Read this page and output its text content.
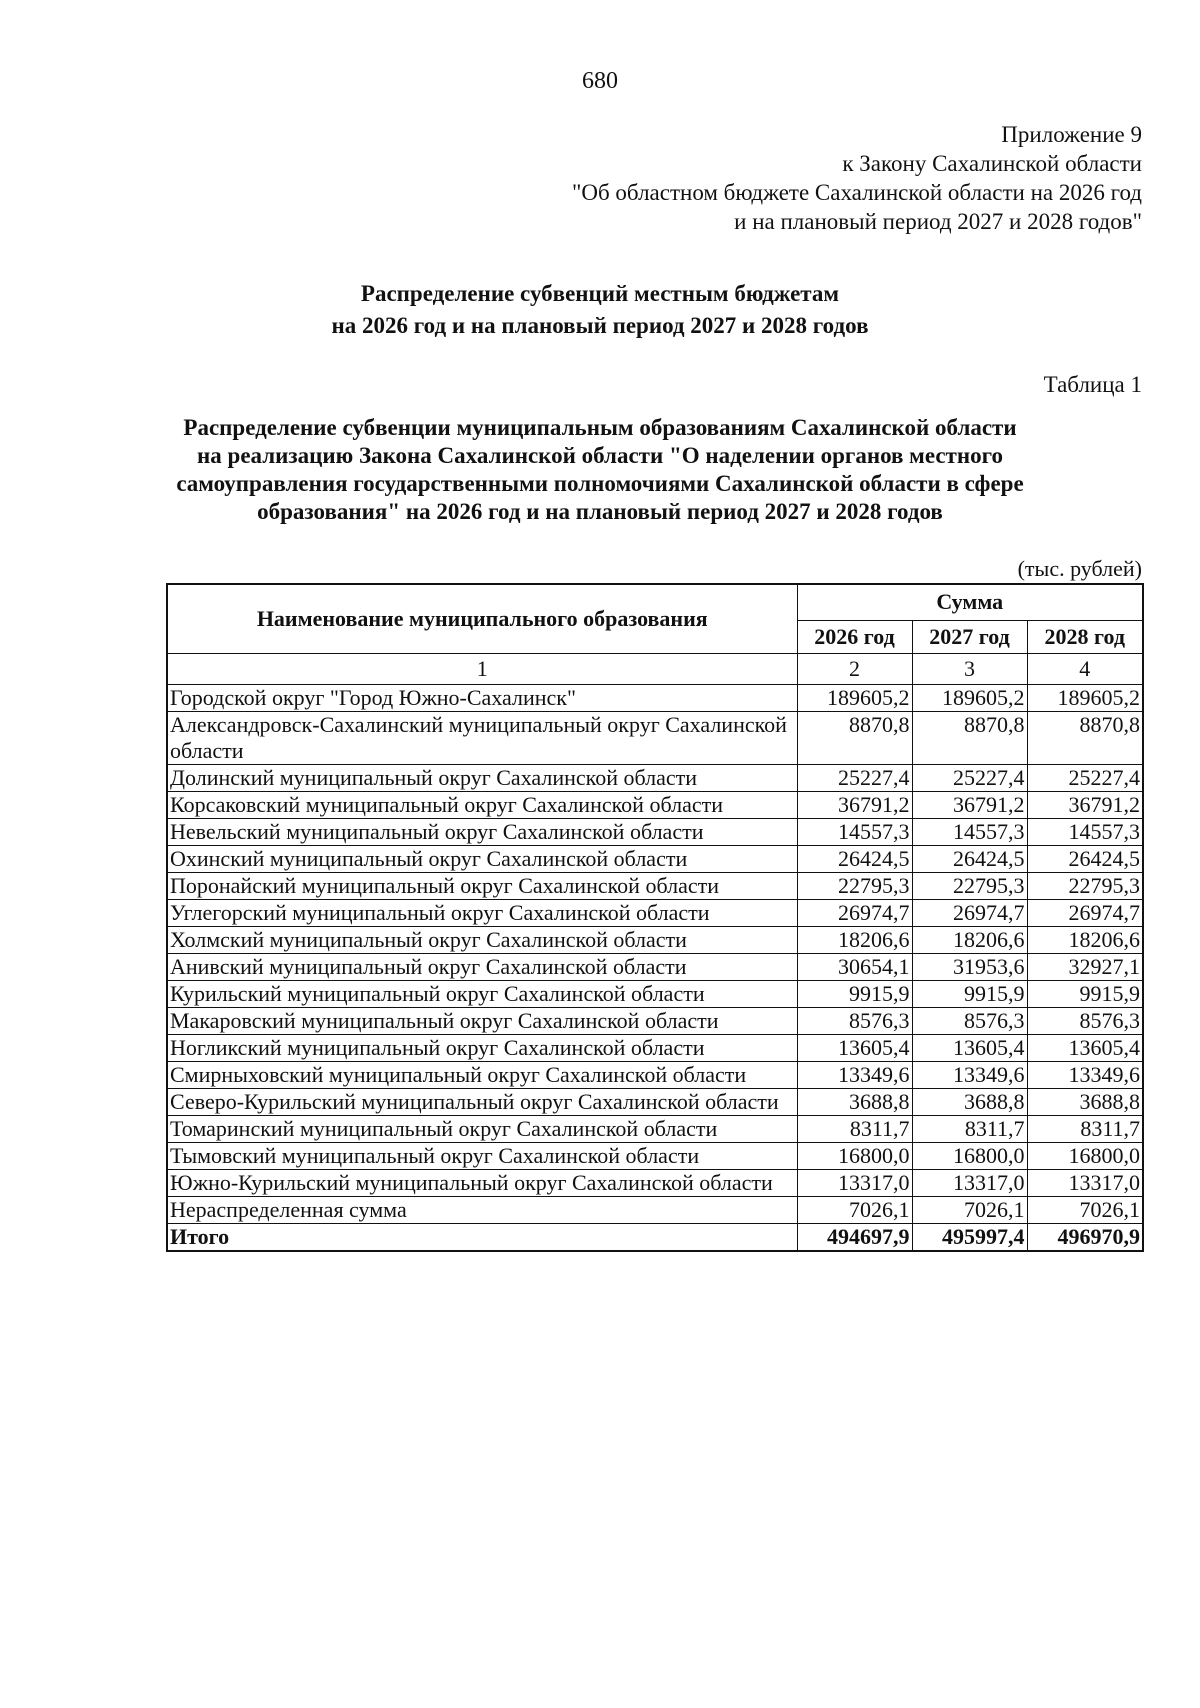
680
Приложение 9
к Закону Сахалинской области
"Об областном бюджете Сахалинской области на 2026 год
и на плановый период 2027 и 2028 годов"
Распределение субвенций местным бюджетам
на 2026 год и на плановый период 2027 и 2028 годов
Таблица 1
Распределение субвенции муниципальным образованиям Сахалинской области
на реализацию Закона Сахалинской области "О наделении органов местного
самоуправления государственными полномочиями Сахалинской области в сфере
образования" на 2026 год и на плановый период 2027 и 2028 годов
(тыс. рублей)
Наименование муниципального образования	Сумма		
	2026 год	2027 год	2028 год
1	2	3	4
Городской округ "Город Южно-Сахалинск"	189605,2	189605,2	189605,2
Александровск-Сахалинский муниципальный округ Сахалинской области	8870,8	8870,8	8870,8
Долинский муниципальный округ Сахалинской области	25227,4	25227,4	25227,4
Корсаковский муниципальный округ Сахалинской области	36791,2	36791,2	36791,2
Невельский муниципальный округ Сахалинской области	14557,3	14557,3	14557,3
Охинский муниципальный округ Сахалинской области	26424,5	26424,5	26424,5
Поронайский муниципальный округ Сахалинской области	22795,3	22795,3	22795,3
Углегорский муниципальный округ Сахалинской области	26974,7	26974,7	26974,7
Холмский муниципальный округ Сахалинской области	18206,6	18206,6	18206,6
Анивский муниципальный округ Сахалинской области	30654,1	31953,6	32927,1
Курильский муниципальный округ Сахалинской области	9915,9	9915,9	9915,9
Макаровский муниципальный округ Сахалинской области	8576,3	8576,3	8576,3
Ногликский муниципальный округ Сахалинской области	13605,4	13605,4	13605,4
Смирныховский муниципальный округ Сахалинской области	13349,6	13349,6	13349,6
Северо-Курильский муниципальный округ Сахалинской области	3688,8	3688,8	3688,8
Томаринский муниципальный округ Сахалинской области	8311,7	8311,7	8311,7
Тымовский муниципальный округ Сахалинской области	16800,0	16800,0	16800,0
Южно-Курильский муниципальный округ Сахалинской области	13317,0	13317,0	13317,0
Нераспределенная сумма	7026,1	7026,1	7026,1
Итого	494697,9	495997,4	496970,9
